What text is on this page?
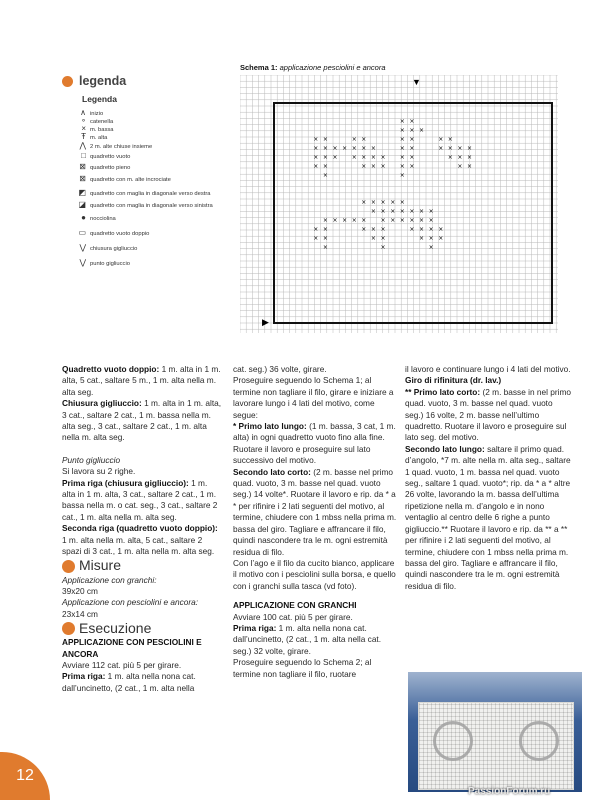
legenda
Legenda
∧ inizio
∘ catenella
× m. bassa
Ŧ m. alta
⋀ 2 m. alte chiuse insieme
□ quadretto vuoto
⊠ quadretto pieno
⊠ quadretto con m. alte incrociate
◩ quadretto con maglia in diagonale verso destra
◪ quadretto con maglia in diagonale verso sinistra
● nocciolina
▭ quadretto vuoto doppio
⋁ chiusura gigliuccio
⋁ punto gigliuccio
Schema 1: applicazione pesciolini e ancora
× ×
× × ×
× ×	× ×	× ×	× ×
× × × × × × ×	× ×	× × × ×
× × × × × × × × ×	× × ×
× ×	× × × × ×	× ×
×	×
× × × × ×
× × × × × × ×
× × × × × × × × × × ×
× ×	× × ×	× × × ×
× ×	× ×	× × ×
×	×	×
▼
▶

Quadretto vuoto doppio: 1 m. alta in 1 m. alta, 5 cat., saltare 5 m., 1 m. alta nella m. alta seg.

Chiusura gigliuccio: 1 m. alta in 1 m. alta, 3 cat., saltare 2 cat., 1 m. bassa nella m. alta seg., 3 cat., saltare 2 cat., 1 m. alta nella m. alta seg.

Punto gigliuccio

Si lavora su 2 righe.

Prima riga (chiusura gigliuccio): 1 m. alta in 1 m. alta, 3 cat., saltare 2 cat., 1 m. bassa nella m. o cat. seg., 3 cat., saltare 2 cat., 1 m. alta nella m. alta seg.

Seconda riga (quadretto vuoto doppio): 1 m. alta nella m. alta, 5 cat., saltare 2 spazi di 3 cat., 1 m. alta nella m. alta seg.

Misure

Applicazione con granchi:

39x20 cm

Applicazione con pesciolini e ancora:

23x14 cm

Esecuzione

APPLICAZIONE CON PESCIOLINI E ANCORA

Avviare 112 cat. più 5 per girare.

Prima riga: 1 m. alta nella nona cat. dall’uncinetto, (2 cat., 1 m. alta nella

cat. seg.) 36 volte, girare.

Proseguire seguendo lo Schema 1; al termine non tagliare il filo, girare e iniziare a lavorare lungo i 4 lati del motivo, come segue:

* Primo lato lungo: (1 m. bassa, 3 cat, 1 m. alta) in ogni quadretto vuoto fino alla fine. Ruotare il lavoro e proseguire sul lato successivo del motivo.

Secondo lato corto: (2 m. basse nel primo quad. vuoto, 3 m. basse nel quad. vuoto seg.) 14 volte*. Ruotare il lavoro e rip. da * a * per rifinire i 2 lati seguenti del motivo, al termine, chiudere con 1 mbss nella prima m. bassa del giro. Tagliare e affrancare il filo, quindi nascondere tra le m. ogni estremità residua di filo.

Con l’ago e il filo da cucito bianco, applicare il motivo con i pesciolini sulla borsa, e quello con i granchi sulla tasca (vd foto).

APPLICAZIONE CON GRANCHI

Avviare 100 cat. più 5 per girare.

Prima riga: 1 m. alta nella nona cat. dall’uncinetto, (2 cat., 1 m. alta nella cat. seg.) 32 volte, girare.

Proseguire seguendo lo Schema 2; al termine non tagliare il filo, ruotare

il lavoro e continuare lungo i 4 lati del motivo.

Giro di rifinitura (dr. lav.)

** Primo lato corto: (2 m. basse in nel primo quad. vuoto, 3 m. basse nel quad. vuoto seg.) 16 volte, 2 m. basse nell’ultimo quadretto. Ruotare il lavoro e proseguire sul lato seg. del motivo.

Secondo lato lungo: saltare il primo quad. d’angolo, *7 m. alte nella m. alta seg., saltare 1 quad. vuoto, 1 m. bassa nel quad. vuoto seg., saltare 1 quad. vuoto*; rip. da * a * altre 26 volte, lavorando la m. bassa dell’ultima ripetizione nella m. d’angolo e in nono ventaglio al centro delle 6 righe a punto gigliuccio.** Ruotare il lavoro e rip. da ** a ** per rifinire i 2 lati seguenti del motivo, al termine, chiudere con 1 mbss nella prima m. bassa del giro. Tagliare e affrancare il filo, quindi nascondere tra le m. ogni estremità residua di filo.

12
PassionForum.ru
